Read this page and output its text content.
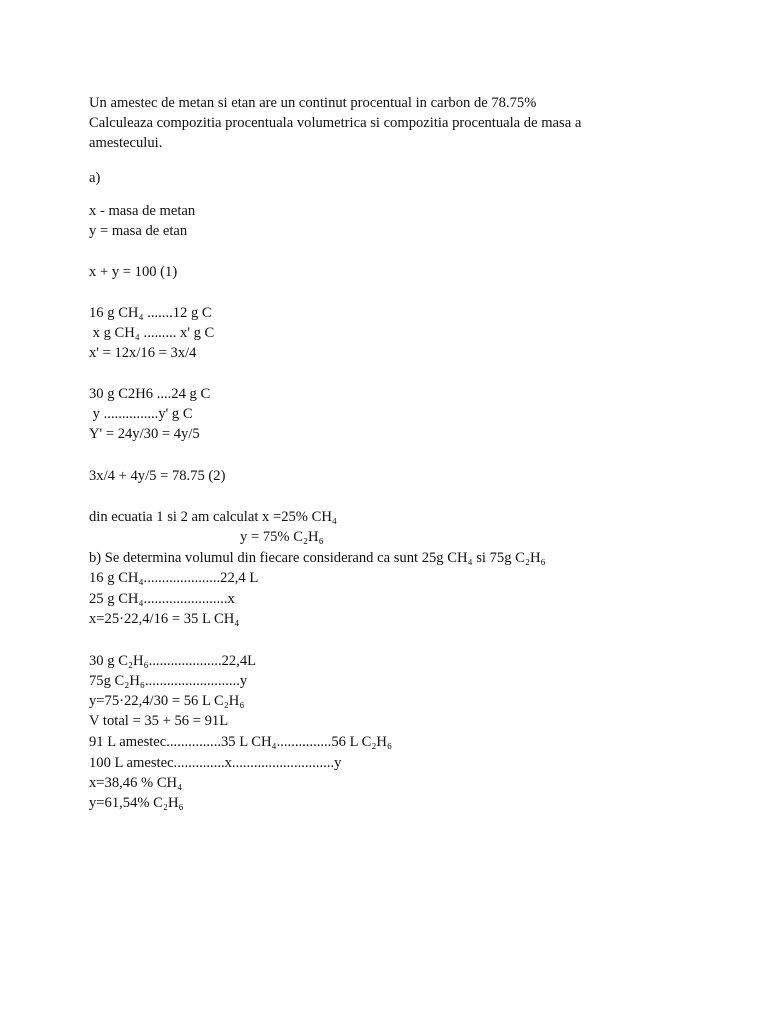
Un amestec de metan si etan are un continut procentual in carbon de 78.75%

Calculeaza compozitia procentuala volumetrica si compozitia procentuala de masa a

amestecului.

a)

x - masa de metan

y = masa de etan

x + y = 100 (1)

16 g CH₄ .......12 g C

x g CH₄ ......... x' g C

x' = 12x/16 = 3x/4

30 g C2H6 ....24 g C

y ...............y' g C

Y' = 24y/30 = 4y/5

3x/4 + 4y/5 = 78.75 (2)

din ecuatia 1 si 2 am calculat x =25% CH₄

y = 75% C₂H₆

b) Se determina volumul din fiecare considerand ca sunt 25g CH₄ si 75g C₂H₆

16 g CH₄.....................22,4 L

25 g CH₄.......................x

x=25·22,4/16 = 35 L CH₄

30 g C₂H₆....................22,4L

75g C₂H₆..........................y

y=75·22,4/30 = 56 L C₂H₆

V total = 35 + 56 = 91L

91 L amestec...............35 L CH₄...............56 L C₂H₆

100 L amestec..............x............................y

x=38,46 % CH₄

y=61,54% C₂H₆
